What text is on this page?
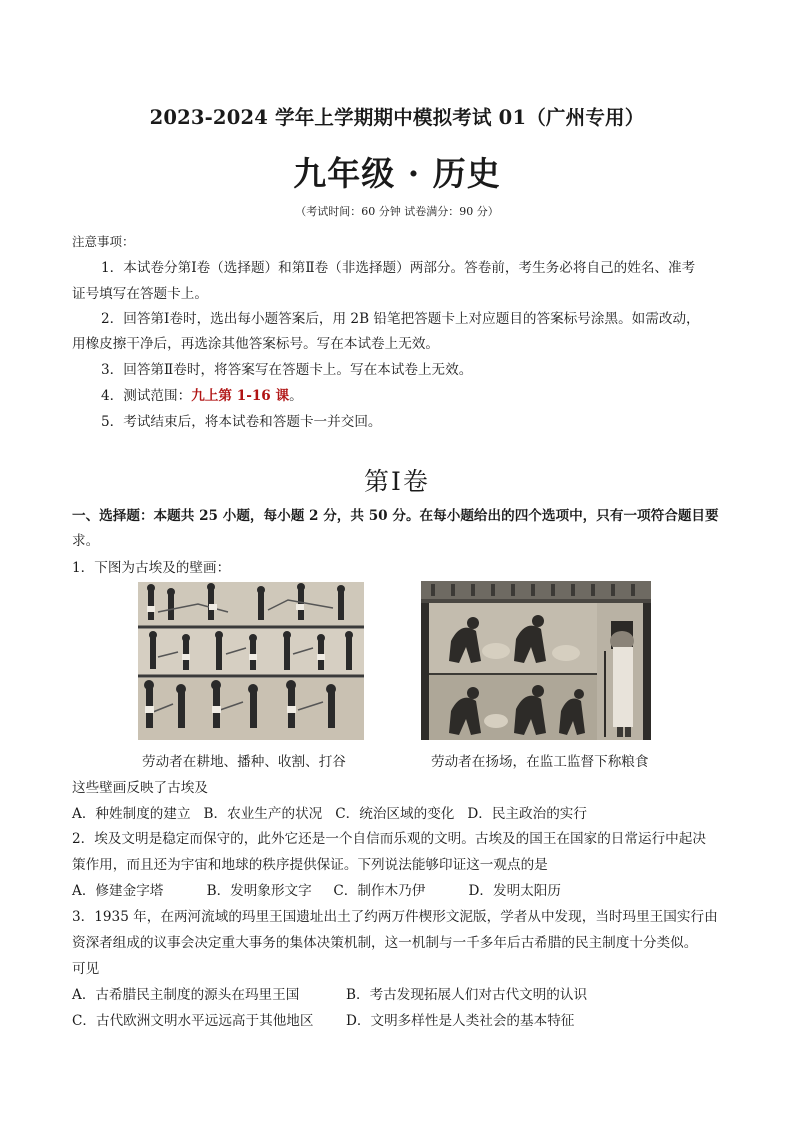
2023-2024 学年上学期期中模拟考试 01（广州专用）
九年级 · 历史
（考试时间：60 分钟 试卷满分：90 分）
注意事项：
1．本试卷分第Ⅰ卷（选择题）和第Ⅱ卷（非选择题）两部分。答卷前，考生务必将自己的姓名、准考
证号填写在答题卡上。
2．回答第Ⅰ卷时，选出每小题答案后，用 2B 铅笔把答题卡上对应题目的答案标号涂黑。如需改动，
用橡皮擦干净后，再选涂其他答案标号。写在本试卷上无效。
3．回答第Ⅱ卷时，将答案写在答题卡上。写在本试卷上无效。
4．测试范围：九上第 1-16 课。
5．考试结束后，将本试卷和答题卡一并交回。
第Ⅰ卷
一、选择题：本题共 25 小题，每小题 2 分，共 50 分。在每小题给出的四个选项中，只有一项符合题目要
求。
1．下图为古埃及的壁画：
劳动者在耕地、播种、收割、打谷	劳动者在扬场，在监工监督下称粮食
这些壁画反映了古埃及
A．种姓制度的建立   B．农业生产的状况   C．统治区域的变化   D．民主政治的实行
2．埃及文明是稳定而保守的，此外它还是一个自信而乐观的文明。古埃及的国王在国家的日常运行中起决
策作用，而且还为宇宙和地球的秩序提供保证。下列说法能够印证这一观点的是
A．修建金字塔          B．发明象形文字     C．制作木乃伊          D．发明太阳历
3．1935 年，在两河流域的玛里王国遗址出土了约两万件楔形文泥版，学者从中发现，当时玛里王国实行由
资深者组成的议事会决定重大事务的集体决策机制，这一机制与一千多年后古希腊的民主制度十分类似。
可见
A．古希腊民主制度的源头在玛里王国	B．考古发现拓展人们对古代文明的认识
C．古代欧洲文明水平远远高于其他地区 D．文明多样性是人类社会的基本特征
